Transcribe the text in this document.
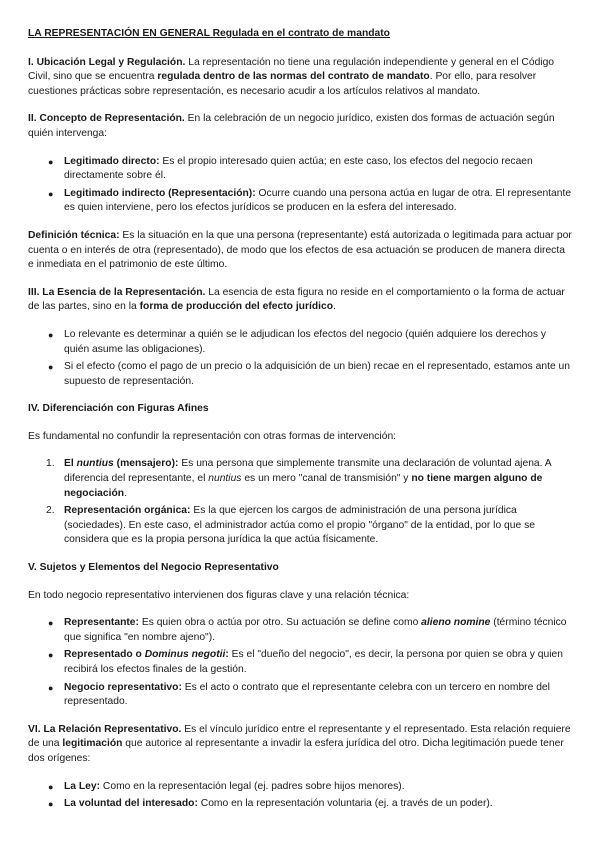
LA REPRESENTACIÓN EN GENERAL Regulada en el contrato de mandato

I. Ubicación Legal y Regulación. La representación no tiene una regulación independiente y general en el Código Civil, sino que se encuentra regulada dentro de las normas del contrato de mandato. Por ello, para resolver cuestiones prácticas sobre representación, es necesario acudir a los artículos relativos al mandato.

II. Concepto de Representación. En la celebración de un negocio jurídico, existen dos formas de actuación según quién intervenga:

● Legitimado directo: Es el propio interesado quien actúa; en este caso, los efectos del negocio recaen directamente sobre él.
● Legitimado indirecto (Representación): Ocurre cuando una persona actúa en lugar de otra. El representante es quien interviene, pero los efectos jurídicos se producen en la esfera del interesado.

Definición técnica: Es la situación en la que una persona (representante) está autorizada o legitimada para actuar por cuenta o en interés de otra (representado), de modo que los efectos de esa actuación se producen de manera directa e inmediata en el patrimonio de este último.

III. La Esencia de la Representación. La esencia de esta figura no reside en el comportamiento o la forma de actuar de las partes, sino en la forma de producción del efecto jurídico.

● Lo relevante es determinar a quién se le adjudican los efectos del negocio (quién adquiere los derechos y quién asume las obligaciones).
● Si el efecto (como el pago de un precio o la adquisición de un bien) recae en el representado, estamos ante un supuesto de representación.

IV. Diferenciación con Figuras Afines

Es fundamental no confundir la representación con otras formas de intervención:

1. El nuntius (mensajero): Es una persona que simplemente transmite una declaración de voluntad ajena. A diferencia del representante, el nuntius es un mero "canal de transmisión" y no tiene margen alguno de negociación.
2. Representación orgánica: Es la que ejercen los cargos de administración de una persona jurídica (sociedades). En este caso, el administrador actúa como el propio "órgano" de la entidad, por lo que se considera que es la propia persona jurídica la que actúa físicamente.

V. Sujetos y Elementos del Negocio Representativo

En todo negocio representativo intervienen dos figuras clave y una relación técnica:

● Representante: Es quien obra o actúa por otro. Su actuación se define como alieno nomine (término técnico que significa "en nombre ajeno").
● Representado o Dominus negotii: Es el "dueño del negocio", es decir, la persona por quien se obra y quien recibirá los efectos finales de la gestión.
● Negocio representativo: Es el acto o contrato que el representante celebra con un tercero en nombre del representado.

VI. La Relación Representativo. Es el vínculo jurídico entre el representante y el representado. Esta relación requiere de una legitimación que autorice al representante a invadir la esfera jurídica del otro. Dicha legitimación puede tener dos orígenes:

● La Ley: Como en la representación legal (ej. padres sobre hijos menores).
● La voluntad del interesado: Como en la representación voluntaria (ej. a través de un poder).
